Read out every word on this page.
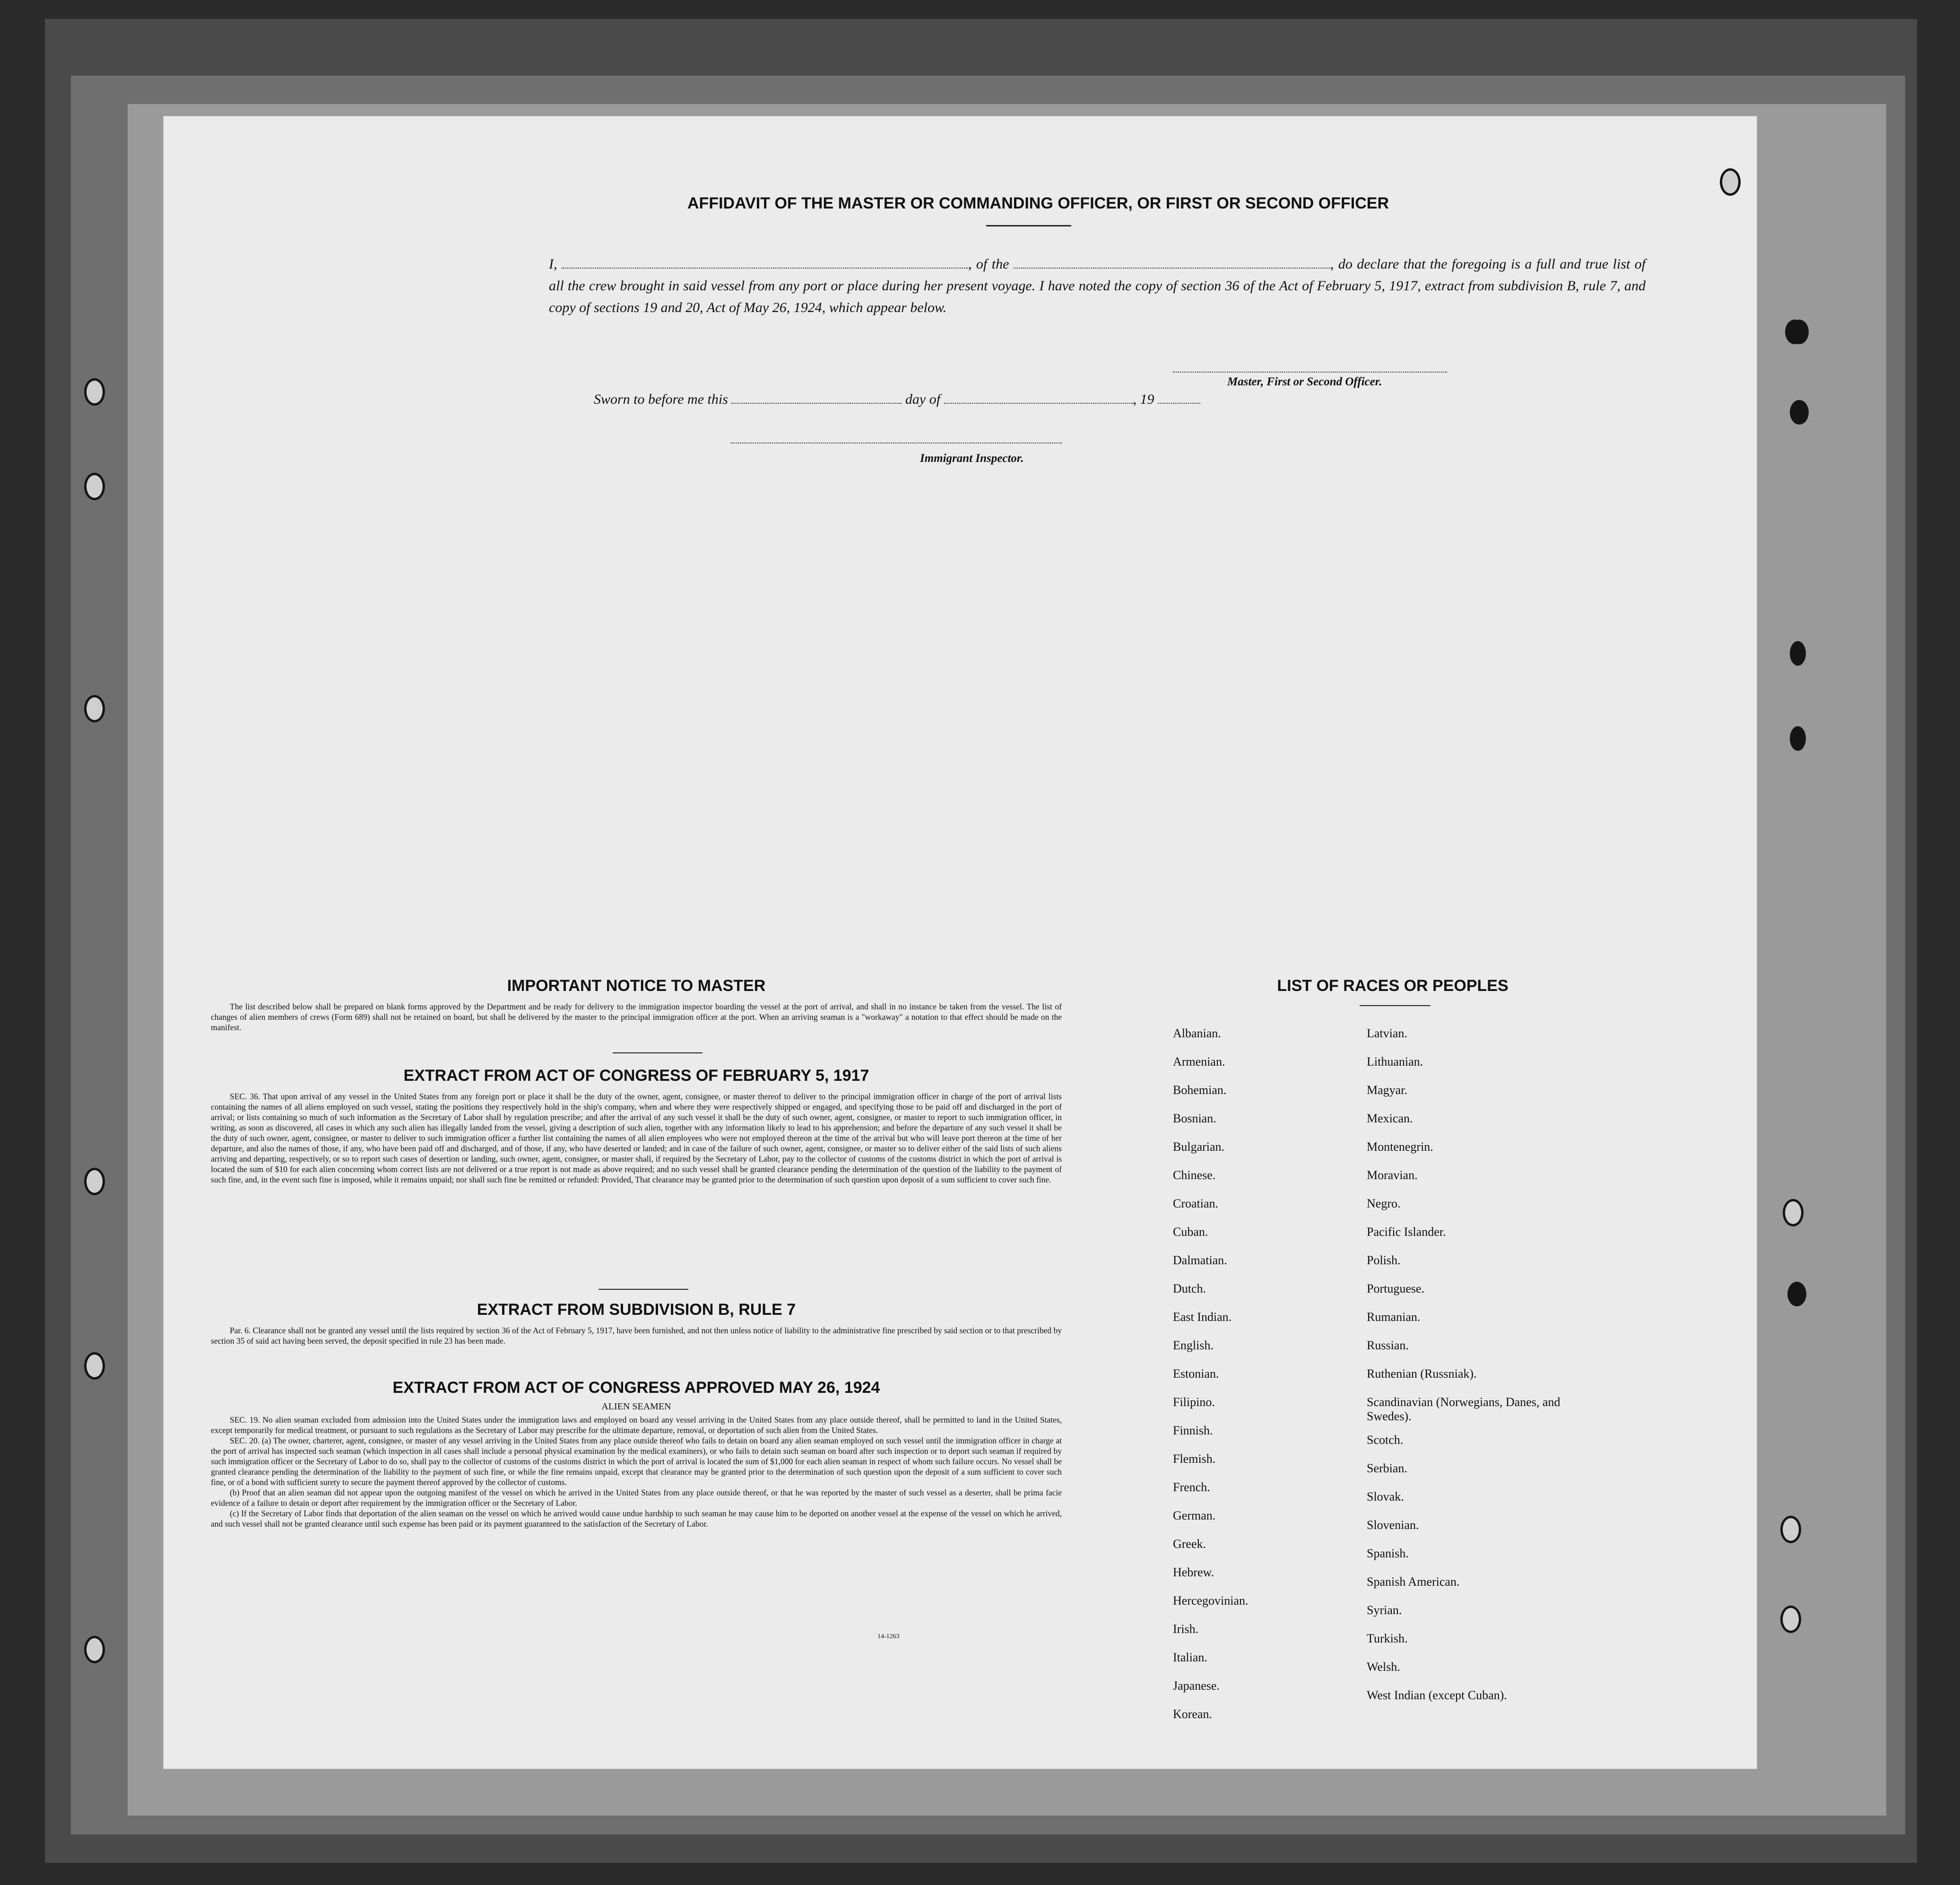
AFFIDAVIT OF THE MASTER OR COMMANDING OFFICER, OR FIRST OR SECOND OFFICER
I,	, of the	, do declare that the foregoing is a full and true list of all the crew brought in said vessel from any port or place during her present voyage. I have noted the copy of section 36 of the Act of February 5, 1917, extract from subdivision B, rule 7, and copy of sections 19 and 20, Act of May 26, 1924, which appear below.
Master, First or Second Officer.
Sworn to before me this	day of	, 19
Immigrant Inspector.
IMPORTANT NOTICE TO MASTER

The list described below shall be prepared on blank forms approved by the Department and be ready for delivery to the immigration inspector boarding the vessel at the port of arrival, and shall in no instance be taken from the vessel. The list of changes of alien members of crews (Form 689) shall not be retained on board, but shall be delivered by the master to the principal immigration officer at the port. When an arriving seaman is a "workaway" a notation to that effect should be made on the manifest.

EXTRACT FROM ACT OF CONGRESS OF FEBRUARY 5, 1917

SEC. 36. That upon arrival of any vessel in the United States from any foreign port or place it shall be the duty of the owner, agent, consignee, or master thereof to deliver to the principal immigration officer in charge of the port of arrival lists containing the names of all aliens employed on such vessel, stating the positions they respectively hold in the ship's company, when and where they were respectively shipped or engaged, and specifying those to be paid off and discharged in the port of arrival; or lists containing so much of such information as the Secretary of Labor shall by regulation prescribe; and after the arrival of any such vessel it shall be the duty of such owner, agent, consignee, or master to report to such immigration officer, in writing, as soon as discovered, all cases in which any such alien has illegally landed from the vessel, giving a description of such alien, together with any information likely to lead to his apprehension; and before the departure of any such vessel it shall be the duty of such owner, agent, consignee, or master to deliver to such immigration officer a further list containing the names of all alien employees who were not employed thereon at the time of the arrival but who will leave port thereon at the time of her departure, and also the names of those, if any, who have been paid off and discharged, and of those, if any, who have deserted or landed; and in case of the failure of such owner, agent, consignee, or master so to deliver either of the said lists of such aliens arriving and departing, respectively, or so to report such cases of desertion or landing, such owner, agent, consignee, or master shall, if required by the Secretary of Labor, pay to the collector of customs of the customs district in which the port of arrival is located the sum of $10 for each alien concerning whom correct lists are not delivered or a true report is not made as above required; and no such vessel shall be granted clearance pending the determination of the question of the liability to the payment of such fine, and, in the event such fine is imposed, while it remains unpaid; nor shall such fine be remitted or refunded: Provided, That clearance may be granted prior to the determination of such question upon deposit of a sum sufficient to cover such fine.

EXTRACT FROM SUBDIVISION B, RULE 7

Par. 6. Clearance shall not be granted any vessel until the lists required by section 36 of the Act of February 5, 1917, have been furnished, and not then unless notice of liability to the administrative fine prescribed by said section or to that prescribed by section 35 of said act having been served, the deposit specified in rule 23 has been made.

EXTRACT FROM ACT OF CONGRESS APPROVED MAY 26, 1924
ALIEN SEAMEN

SEC. 19. No alien seaman excluded from admission into the United States under the immigration laws and employed on board any vessel arriving in the United States from any place outside thereof, shall be permitted to land in the United States, except temporarily for medical treatment, or pursuant to such regulations as the Secretary of Labor may prescribe for the ultimate departure, removal, or deportation of such alien from the United States.

SEC. 20. (a) The owner, charterer, agent, consignee, or master of any vessel arriving in the United States from any place outside thereof who fails to detain on board any alien seaman employed on such vessel until the immigration officer in charge at the port of arrival has inspected such seaman (which inspection in all cases shall include a personal physical examination by the medical examiners), or who fails to detain such seaman on board after such inspection or to deport such seaman if required by such immigration officer or the Secretary of Labor to do so, shall pay to the collector of customs of the customs district in which the port of arrival is located the sum of $1,000 for each alien seaman in respect of whom such failure occurs. No vessel shall be granted clearance pending the determination of the liability to the payment of such fine, or while the fine remains unpaid, except that clearance may be granted prior to the determination of such question upon the deposit of a sum sufficient to cover such fine, or of a bond with sufficient surety to secure the payment thereof approved by the collector of customs.

(b) Proof that an alien seaman did not appear upon the outgoing manifest of the vessel on which he arrived in the United States from any place outside thereof, or that he was reported by the master of such vessel as a deserter, shall be prima facie evidence of a failure to detain or deport after requirement by the immigration officer or the Secretary of Labor.

(c) If the Secretary of Labor finds that deportation of the alien seaman on the vessel on which he arrived would cause undue hardship to such seaman he may cause him to be deported on another vessel at the expense of the vessel on which he arrived, and such vessel shall not be granted clearance until such expense has been paid or its payment guaranteed to the satisfaction of the Secretary of Labor.

14-1263
LIST OF RACES OR PEOPLES
Albanian.
Armenian.
Bohemian.
Bosnian.
Bulgarian.
Chinese.
Croatian.
Cuban.
Dalmatian.
Dutch.
East Indian.
English.
Estonian.
Filipino.
Finnish.
Flemish.
French.
German.
Greek.
Hebrew.
Hercegovinian.
Irish.
Italian.
Japanese.
Korean.
Latvian.
Lithuanian.
Magyar.
Mexican.
Montenegrin.
Moravian.
Negro.
Pacific Islander.
Polish.
Portuguese.
Rumanian.
Russian.
Ruthenian (Russniak).
Scandinavian (Norwegians, Danes, and Swedes).
Scotch.
Serbian.
Slovak.
Slovenian.
Spanish.
Spanish American.
Syrian.
Turkish.
Welsh.
West Indian (except Cuban).
